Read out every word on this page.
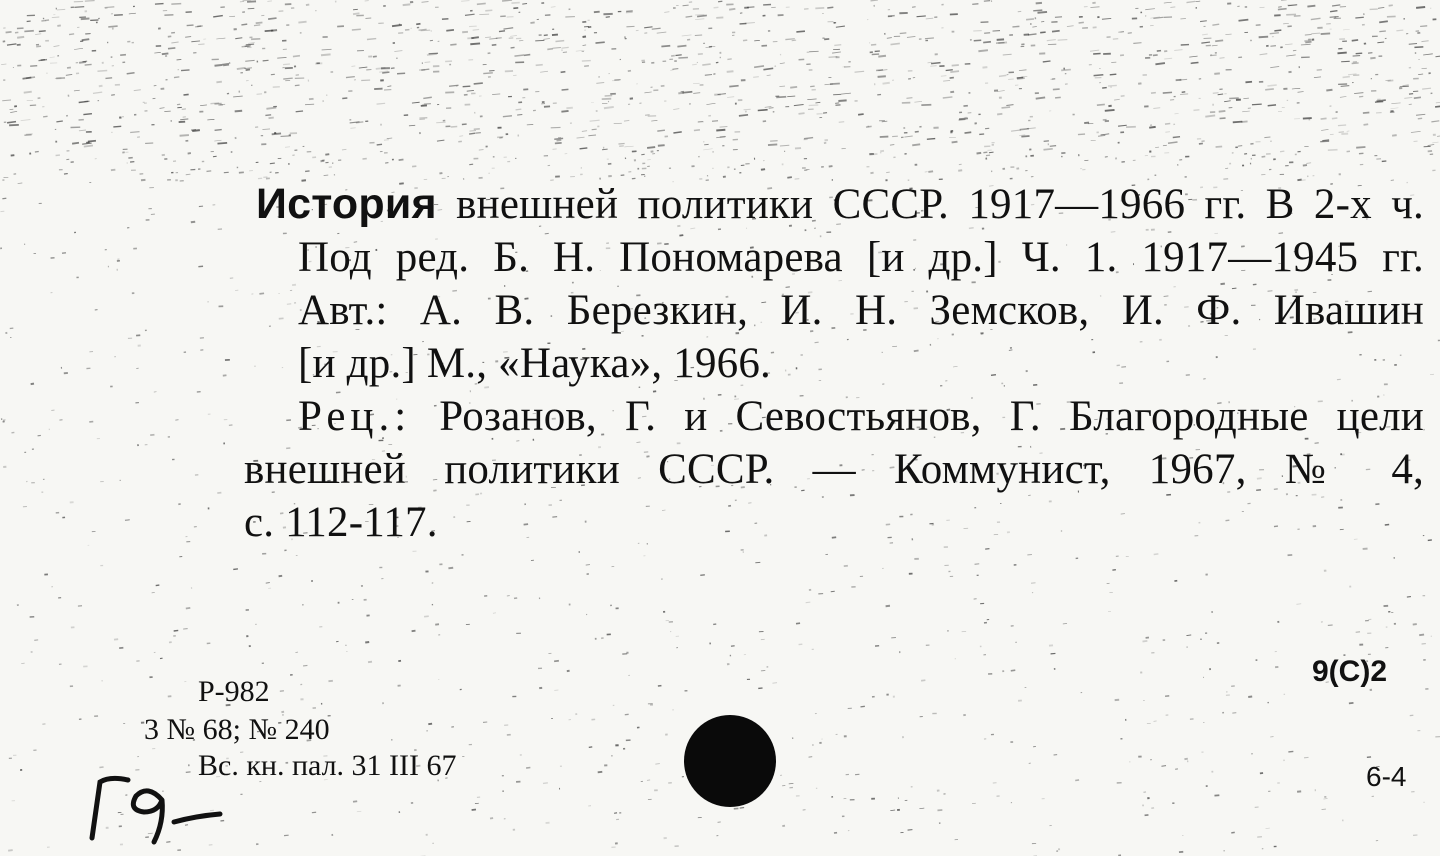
История внешней политики СССР. 1917—1966 гг. В 2-х ч.

Под ред. Б. Н. Пономарева [и др.] Ч. 1. 1917—1945 гг.

Авт.: А. В. Березкин, И. Н. Земсков, И. Ф. Ивашин

[и др.] М., «Наука», 1966.

Рец.: Розанов, Г. и Севостьянов, Г. Благородные цели

внешней политики СССР. — Коммунист, 1967, № 4,

с. 112-117.

Р-982
3 № 68; № 240
Вс. кн. пал. 31 III 67
9(С)2
6-4
